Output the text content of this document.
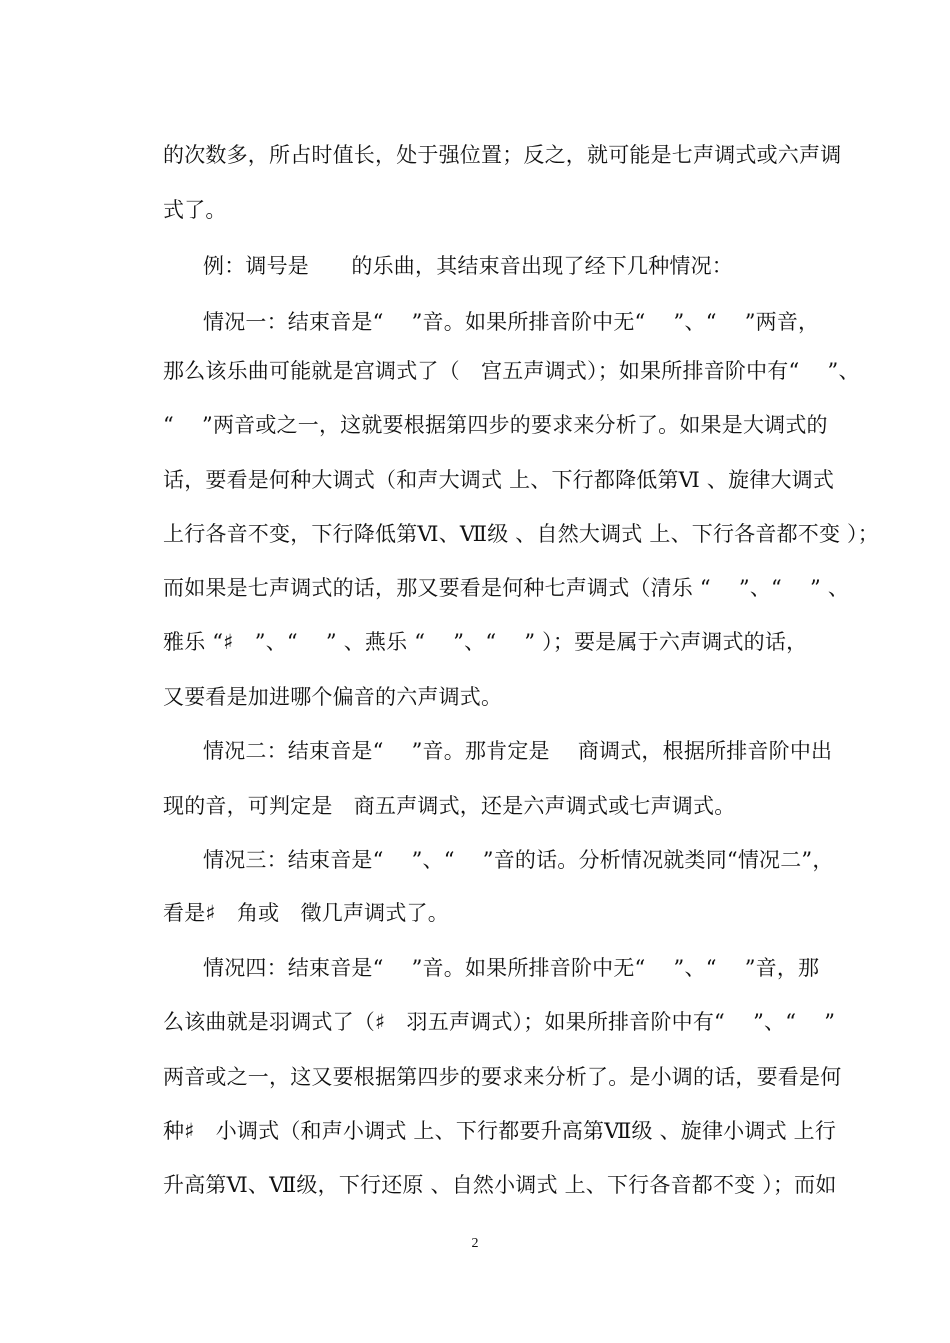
的次数多，所占时值长，处于强位置；反之，就可能是七声调式或六声调
式了。
例：调号是　　的乐曲，其结束音出现了经下几种情况：
情况一：结束音是“　 ”音。如果所排音阶中无“　 ”、“　 ”两音，
那么该乐曲可能就是宫调式了（　宫五声调式）；如果所排音阶中有“　 ”、
“　 ”两音或之一，这就要根据第四步的要求来分析了。如果是大调式的
话，要看是何种大调式（和声大调式 上、下行都降低第Ⅵ 、旋律大调式
上行各音不变，下行降低第Ⅵ、Ⅶ级 、自然大调式 上、下行各音都不变 ）；
而如果是七声调式的话，那又要看是何种七声调式（清乐 “　 ”、“　 ” 、
雅乐 “♯　”、“　 ” 、燕乐 “　 ”、“　 ” ）；要是属于六声调式的话，
又要看是加进哪个偏音的六声调式。
情况二：结束音是“　 ”音。那肯定是　 商调式，根据所排音阶中出
现的音，可判定是　商五声调式，还是六声调式或七声调式。
情况三：结束音是“　 ”、“　 ”音的话。分析情况就类同“情况二”，
看是♯　角或　徵几声调式了。
情况四：结束音是“　 ”音。如果所排音阶中无“　 ”、“　 ”音，那
么该曲就是羽调式了（♯　羽五声调式）；如果所排音阶中有“　 ”、“　 ”
两音或之一，这又要根据第四步的要求来分析了。是小调的话，要看是何
种♯　小调式（和声小调式 上、下行都要升高第Ⅶ级 、旋律小调式 上行
升高第Ⅵ、Ⅶ级，下行还原 、自然小调式 上、下行各音都不变 ）；而如
2
